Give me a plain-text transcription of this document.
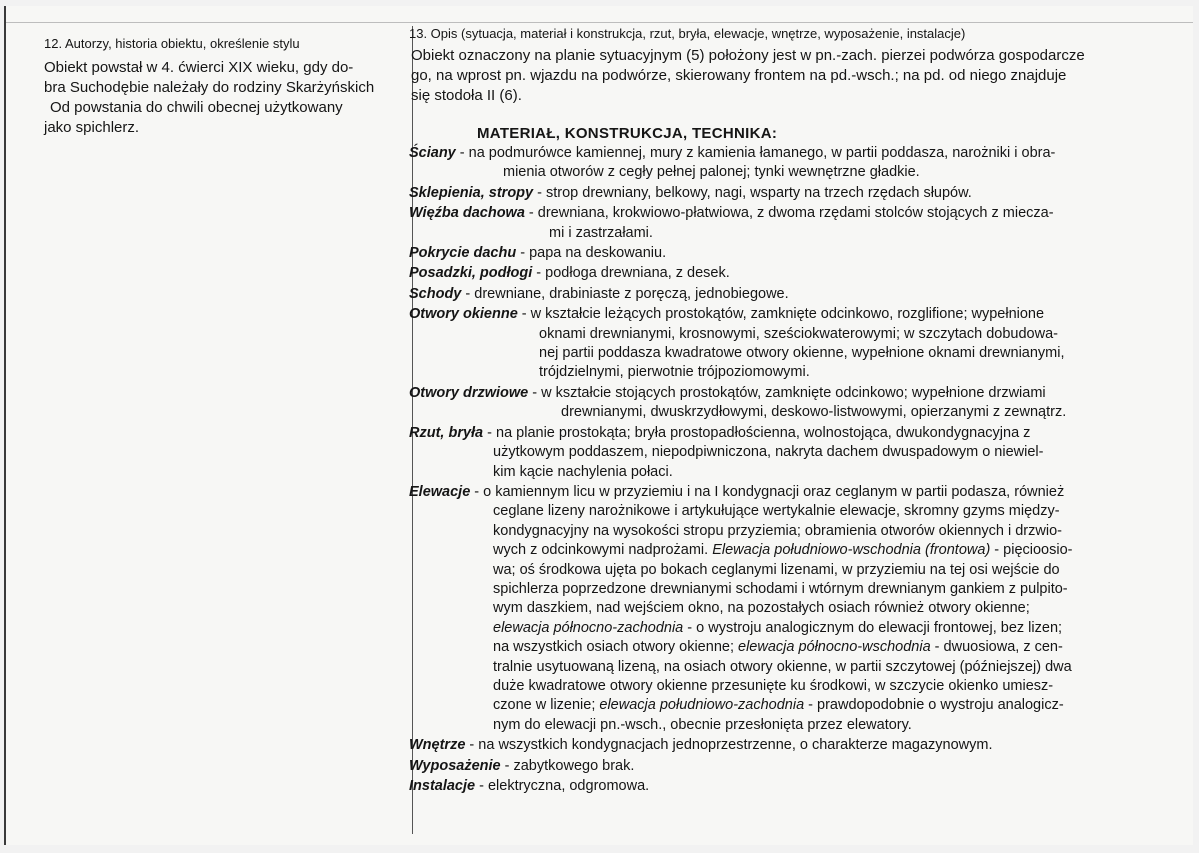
12. Autorzy, historia obiektu, określenie stylu

Obiekt powstał w 4. ćwierci XIX wieku, gdy do-
bra Suchodębie należały do rodziny Skarżyńskich
Od powstania do chwili obecnej użytkowany
jako spichlerz.

13. Opis (sytuacja, materiał i konstrukcja, rzut, bryła, elewacje, wnętrze, wyposażenie, instalacje)

Obiekt oznaczony na planie sytuacyjnym (5) położony jest w pn.-zach. pierzei podwórza gospodarcze
go, na wprost pn. wjazdu na podwórze, skierowany frontem na pd.-wsch.; na pd. od niego znajduje
się stodoła II (6).

MATERIAŁ, KONSTRUKCJA, TECHNIKA:

Ściany - na podmurówce kamiennej, mury z kamienia łamanego, w partii poddasza, narożniki i obra-
mienia otworów z cegły pełnej palonej; tynki wewnętrzne gładkie.
Sklepienia, stropy - strop drewniany, belkowy, nagi, wsparty na trzech rzędach słupów.
Więźba dachowa - drewniana, krokwiowo-płatwiowa, z dwoma rzędami stolców stojących z miecza-
mi i zastrzałami.
Pokrycie dachu - papa na deskowaniu.
Posadzki, podłogi - podłoga drewniana, z desek.
Schody - drewniane, drabiniaste z poręczą, jednobiegowe.
Otwory okienne - w kształcie leżących prostokątów, zamknięte odcinkowo, rozglifione; wypełnione
oknami drewnianymi, krosnowymi, sześciokwaterowymi; w szczytach dobudowa-
nej partii poddasza kwadratowe otwory okienne, wypełnione oknami drewnianymi,
trójdzielnymi, pierwotnie trójpoziomowymi.
Otwory drzwiowe - w kształcie stojących prostokątów, zamknięte odcinkowo; wypełnione drzwiami
drewnianymi, dwuskrzydłowymi, deskowo-listwowymi, opierzanymi z zewnątrz.
Rzut, bryła - na planie prostokąta; bryła prostopadłościenna, wolnostojąca, dwukondygnacyjna z
użytkowym poddaszem, niepodpiwniczona, nakryta dachem dwuspadowym o niewiel-
kim kącie nachylenia połaci.
Elewacje - o kamiennym licu w przyziemiu i na I kondygnacji oraz ceglanym w partii podasza, również
ceglane lizeny narożnikowe i artykułujące wertykalnie elewacje, skromny gzyms między-
kondygnacyjny na wysokości stropu przyziemia; obramienia otworów okiennych i drzwio-
wych z odcinkowymi nadprożami. Elewacja południowo-wschodnia (frontowa) - pięcioosio-
wa; oś środkowa ujęta po bokach ceglanymi lizenami, w przyziemiu na tej osi wejście do
spichlerza poprzedzone drewnianymi schodami i wtórnym drewnianym gankiem z pulpito-
wym daszkiem, nad wejściem okno, na pozostałych osiach również otwory okienne;
elewacja północno-zachodnia - o wystroju analogicznym do elewacji frontowej, bez lizen;
na wszystkich osiach otwory okienne; elewacja północno-wschodnia - dwuosiowa, z cen-
tralnie usytuowaną lizeną, na osiach otwory okienne, w partii szczytowej (późniejszej) dwa
duże kwadratowe otwory okienne przesunięte ku środkowi, w szczycie okienko umiesz-
czone w lizenie; elewacja południowo-zachodnia - prawdopodobnie o wystroju analogicz-
nym do elewacji pn.-wsch., obecnie przesłonięta przez elewatory.
Wnętrze - na wszystkich kondygnacjach jednoprzestrzenne, o charakterze magazynowym.
Wyposażenie - zabytkowego brak.
Instalacje - elektryczna, odgromowa.
